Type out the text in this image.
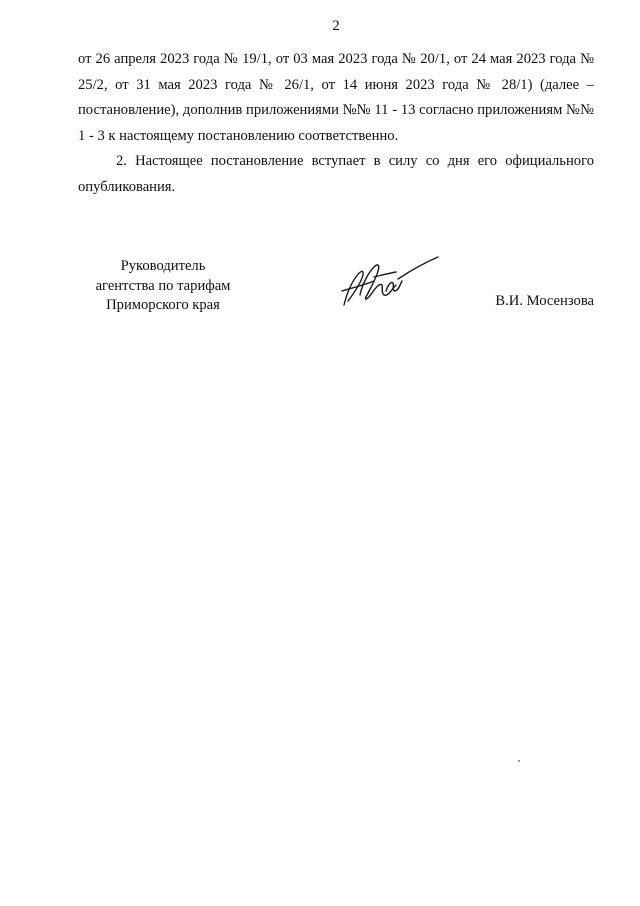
2

от 26 апреля 2023 года № 19/1, от 03 мая 2023 года № 20/1, от 24 мая 2023 года № 25/2, от 31 мая 2023 года № 26/1, от 14 июня 2023 года № 28/1) (далее – постановление), дополнив приложениями №№ 11 - 13 согласно приложениям №№ 1 - 3 к настоящему постановлению соответственно.

2. Настоящее постановление вступает в силу со дня его официального опубликования.

Руководитель
агентства по тарифам
Приморского края	В.И. Мосензова
